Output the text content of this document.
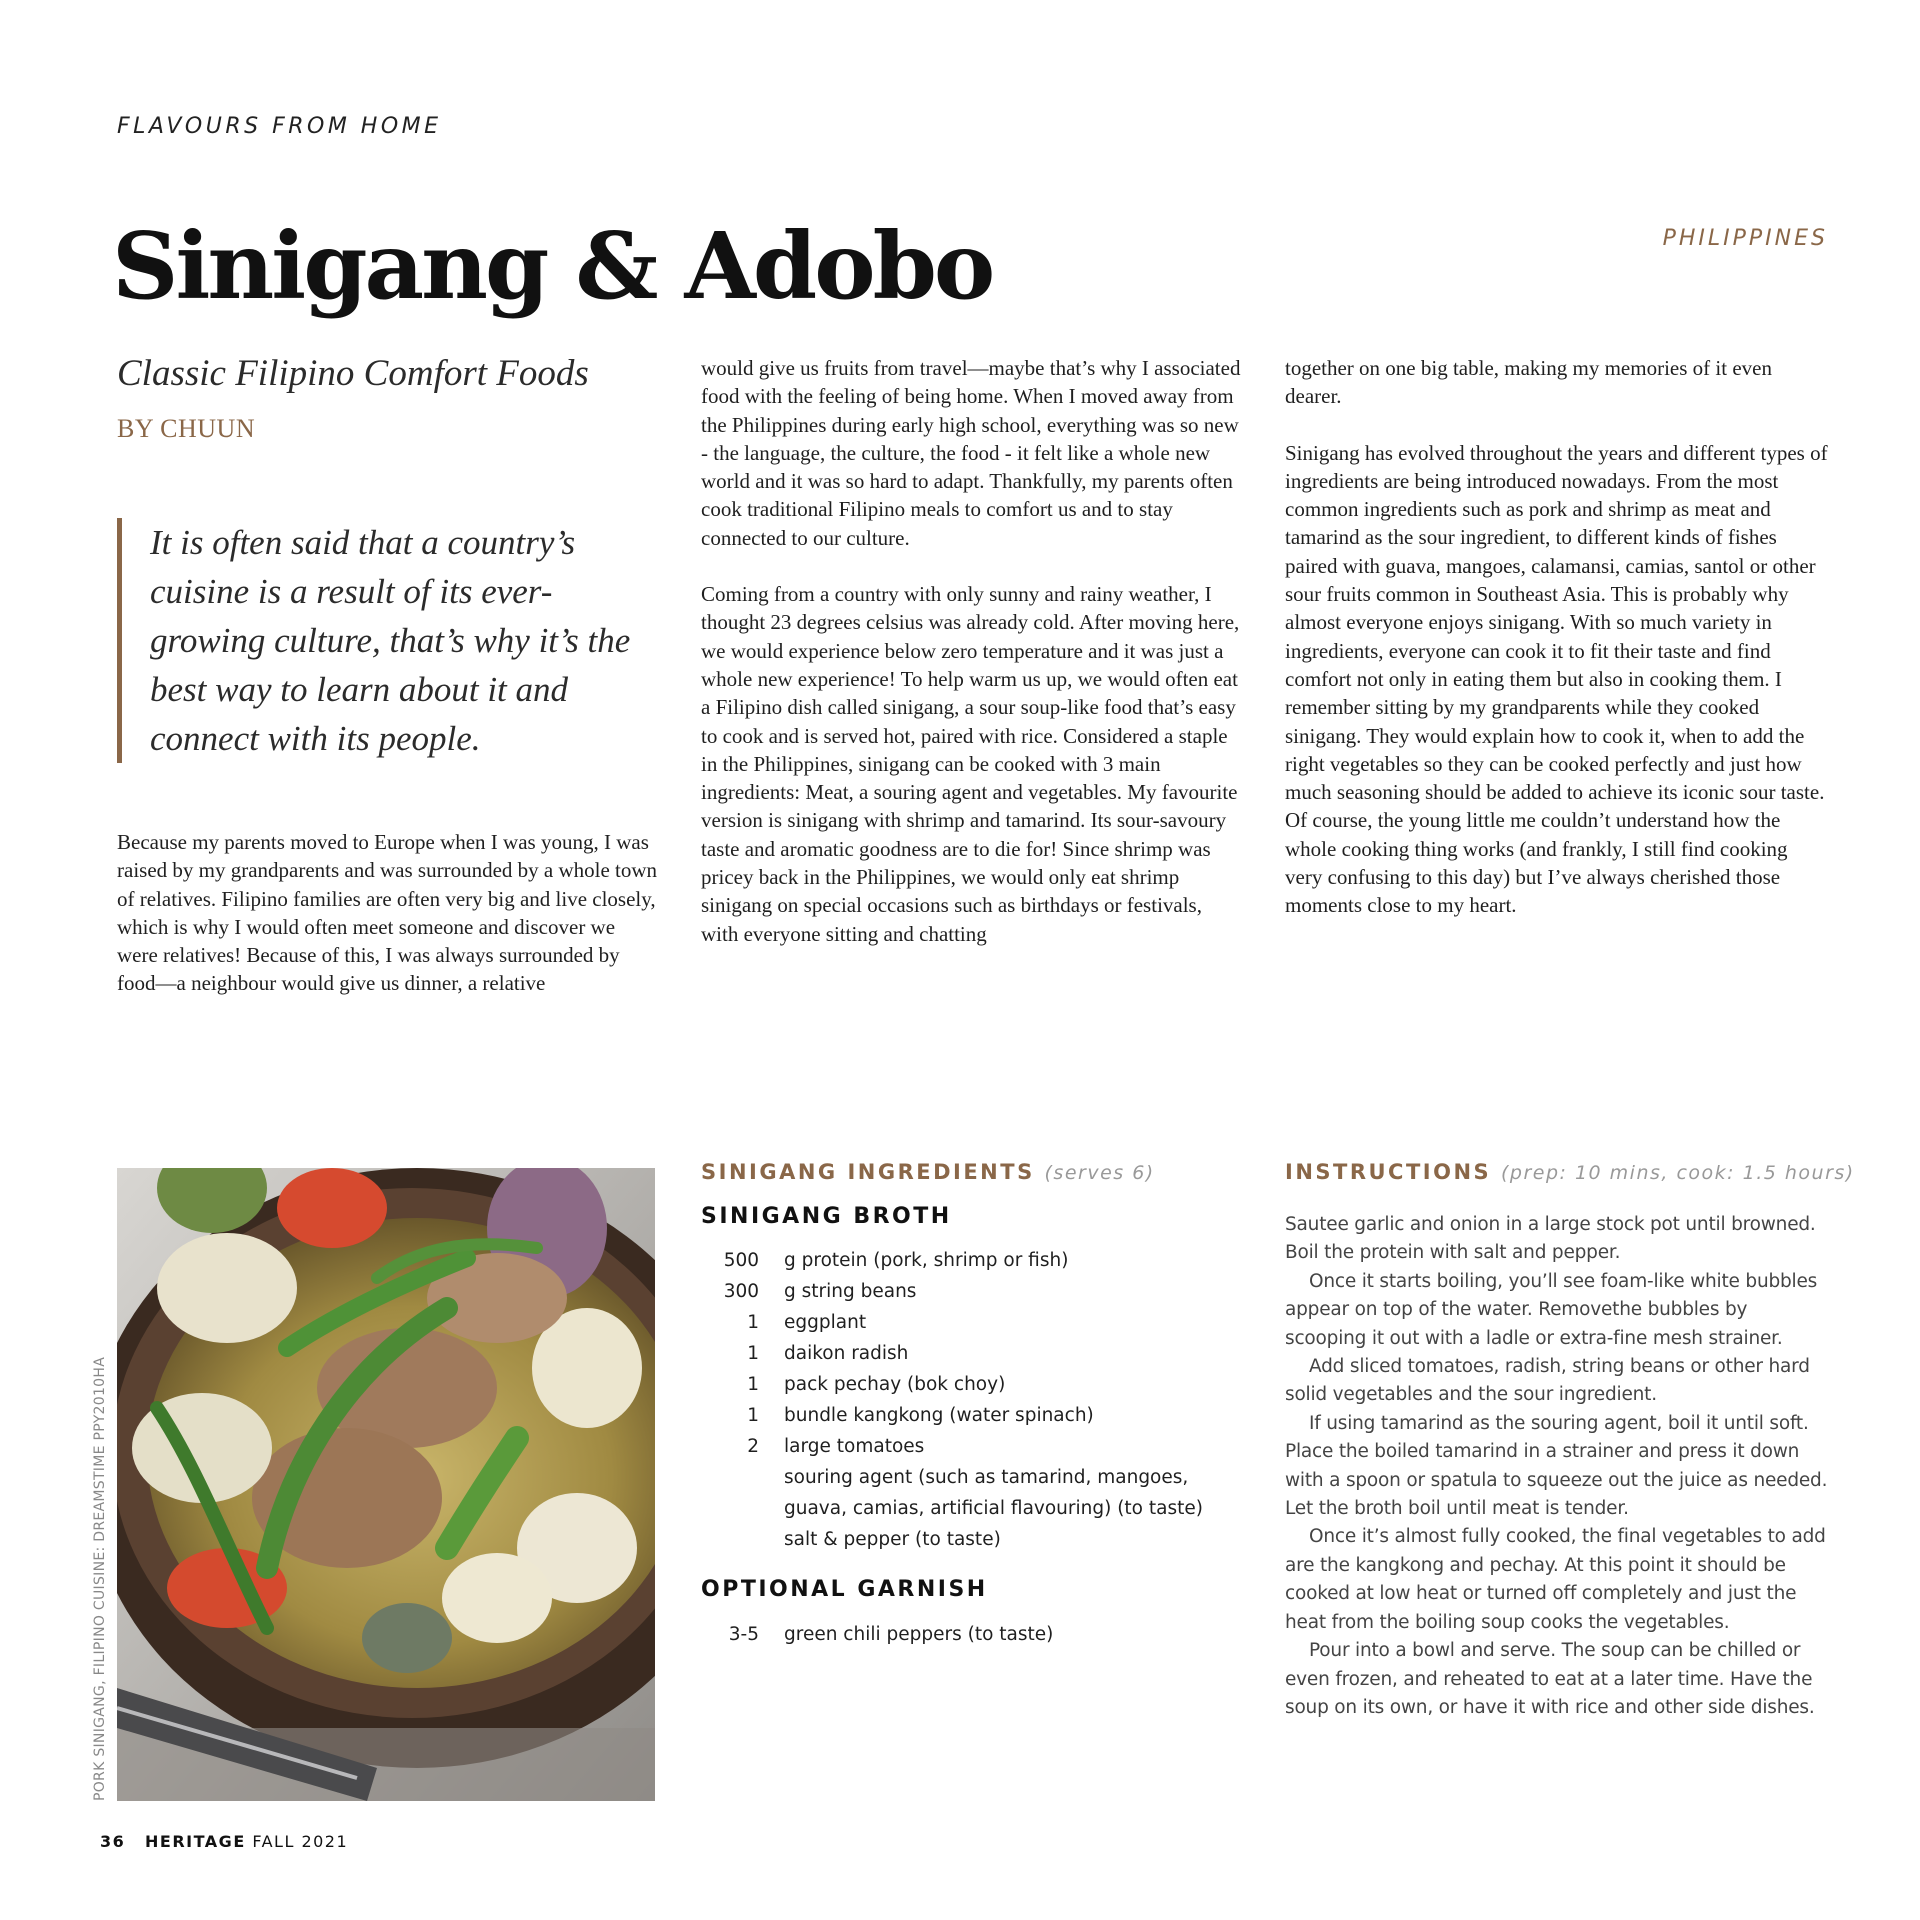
FLAVOURS FROM HOME
PHILIPPINES
Sinigang & Adobo
Classic Filipino Comfort Foods
BY CHUUN
It is often said that a country’s cuisine is a result of its ever-growing culture, that’s why it’s the best way to learn about it and connect with its people.

Because my parents moved to Europe when I was young, I was raised by my grandparents and was surrounded by a whole town of relatives. Filipino families are often very big and live closely, which is why I would often meet someone and discover we were relatives! Because of this, I was always surrounded by food—a neighbour would give us dinner, a relative

would give us fruits from travel—maybe that’s why I associated food with the feeling of being home. When I moved away from the Philippines during early high school, everything was so new - the language, the culture, the food - it felt like a whole new world and it was so hard to adapt. Thankfully, my parents often cook traditional Filipino meals to comfort us and to stay connected to our culture.

Coming from a country with only sunny and rainy weather, I thought 23 degrees celsius was already cold. After moving here, we would experience below zero temperature and it was just a whole new experience! To help warm us up, we would often eat a Filipino dish called sinigang, a sour soup-like food that’s easy to cook and is served hot, paired with rice. Considered a staple in the Philippines, sinigang can be cooked with 3 main ingredients: Meat, a souring agent and vegetables. My favourite version is sinigang with shrimp and tamarind. Its sour-savoury taste and aromatic goodness are to die for! Since shrimp was pricey back in the Philippines, we would only eat shrimp sinigang on special occasions such as birthdays or festivals, with everyone sitting and chatting

together on one big table, making my memories of it even dearer.

Sinigang has evolved throughout the years and different types of ingredients are being introduced nowadays. From the most common ingredients such as pork and shrimp as meat and tamarind as the sour ingredient, to different kinds of fishes paired with guava, mangoes, calamansi, camias, santol or other sour fruits common in Southeast Asia. This is probably why almost everyone enjoys sinigang. With so much variety in ingredients, everyone can cook it to fit their taste and find comfort not only in eating them but also in cooking them. I remember sitting by my grandparents while they cooked sinigang. They would explain how to cook it, when to add the right vegetables so they can be cooked perfectly and just how much seasoning should be added to achieve its iconic sour taste. Of course, the young little me couldn’t understand how the whole cooking thing works (and frankly, I still find cooking very confusing to this day) but I’ve always cherished those moments close to my heart.

PORK SINIGANG, FILIPINO CUISINE: DREAMSTIME PPY2010HA
SINIGANG INGREDIENTS (serves 6)
SINIGANG BROTH
500 g protein (pork, shrimp or fish)
300 g string beans
1 eggplant
1 daikon radish
1 pack pechay (bok choy)
1 bundle kangkong (water spinach)
2 large tomatoes
souring agent (such as tamarind, mangoes, guava, camias, artificial flavouring) (to taste)
salt & pepper (to taste)
OPTIONAL GARNISH
3-5 green chili peppers (to taste)
INSTRUCTIONS (prep: 10 mins, cook: 1.5 hours)

Sautee garlic and onion in a large stock pot until browned. Boil the protein with salt and pepper.

Once it starts boiling, you’ll see foam-like white bubbles appear on top of the water. Removethe bubbles by scooping it out with a ladle or extra-fine mesh strainer.

Add sliced tomatoes, radish, string beans or other hard solid vegetables and the sour ingredient.

If using tamarind as the souring agent, boil it until soft. Place the boiled tamarind in a strainer and press it down with a spoon or spatula to squeeze out the juice as needed.

Let the broth boil until meat is tender.

Once it’s almost fully cooked, the final vegetables to add are the kangkong and pechay. At this point it should be cooked at low heat or turned off completely and just the heat from the boiling soup cooks the vegetables.

Pour into a bowl and serve. The soup can be chilled or even frozen, and reheated to eat at a later time. Have the soup on its own, or have it with rice and other side dishes.

36 HERITAGE FALL 2021
